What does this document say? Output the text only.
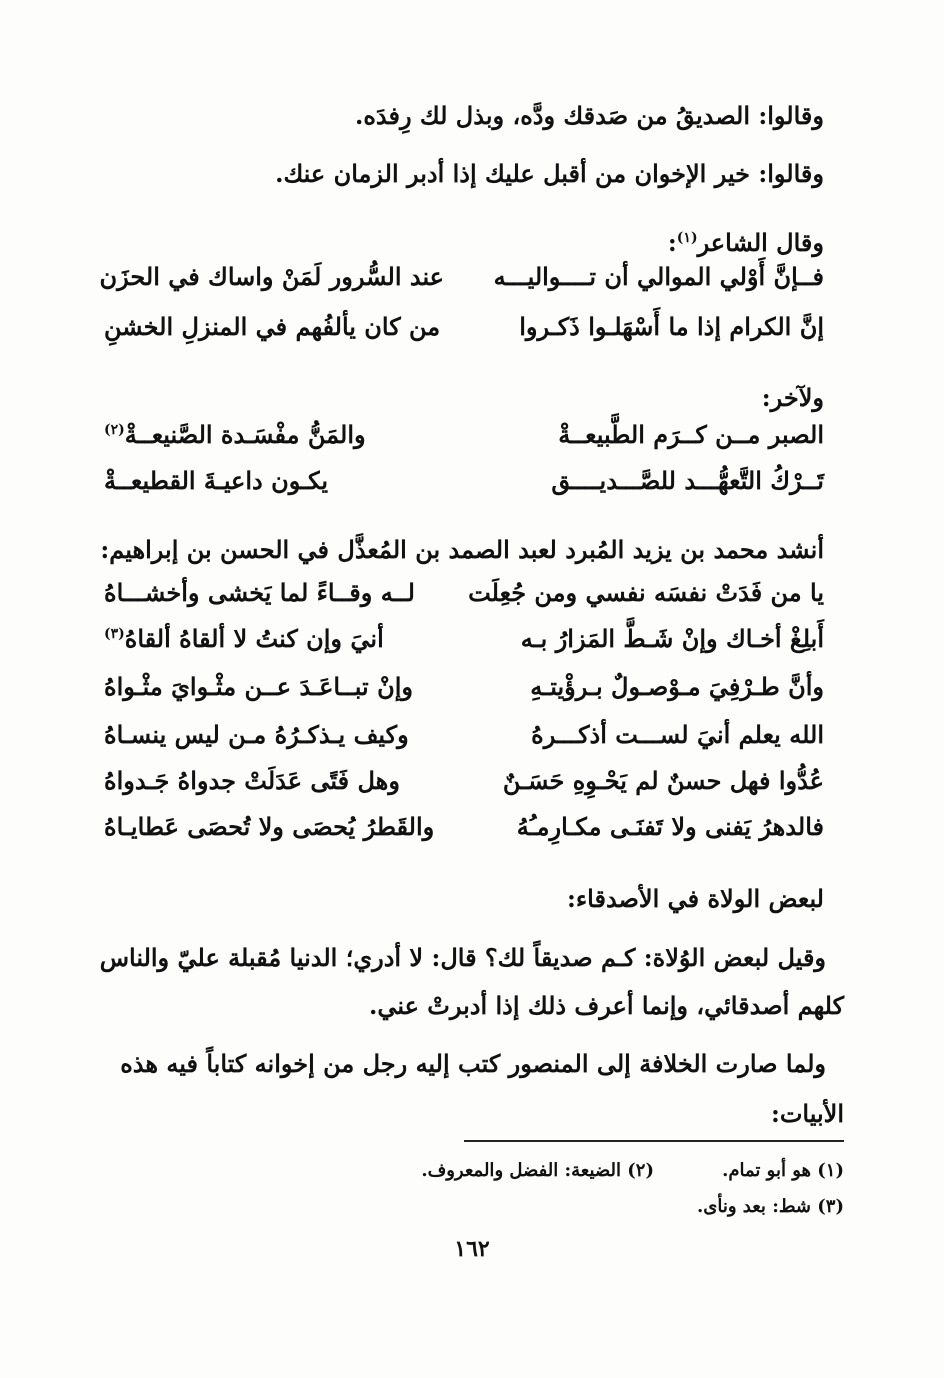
وقالوا: الصديقُ من صَدقك ودَّه، وبذل لك رِفدَه.
وقالوا: خير الإخوان من أقبل عليك إذا أدبر الزمان عنك.
وقال الشاعر$^{(١)}$:
فــإنَّ أَوْلي الموالي أن تــــواليـــه
عند السُّرور لَمَنْ واساك في الحزَن
إنَّ الكرام إذا ما أَسْهَلـوا ذَكـروا
من كان يألفُهم في المنزلِ الخشنِ
ولآخر:
الصبر مــن كــرَم الطَّبيعــةْ
والمَنُّ مفْسَـدة الصَّنيعــةْ$^{(٢)}$
تَــرْكُ التَّعهُّـــد للصَّـــديــــق
يكـون داعيـةَ القطيعــةْ
أنشد محمد بن يزيد المُبرد لعبد الصمد بن المُعذَّل في الحسن بن إبراهيم:
يا من فَدَتْ نفسَه نفسي ومن جُعِلَت
لــه وقــاءً لما يَخشى وأخشـــاهُ
أَبلِغْ أخـاك وإنْ شَـطَّ المَزارُ بـه
أنيَ وإن كنتُ لا ألقاهُ ألقاهُ$^{(٣)}$
وأنَّ طـرْفِيَ مـوْصـولٌ بـرؤْيتـهِ
وإنْ تبــاعَـدَ عــن مثْـوايَ مثْـواهُ
الله يعلم أنيَ لســـت أذكـــرهُ
وكيف يـذكـرُهُ مـن ليس ينسـاهُ
عُدُّوا فهل حسنٌ لم يَحْـوِهِ حَسَـنٌ
وهل فَتًى عَدَلَتْ جدواهُ جَـدواهُ
فالدهرُ يَفنى ولا تَفنَـى مكـارِمـُهُ
والقَطرُ يُحصَى ولا تُحصَى عَطايـاهُ
لبعض الولاة في الأصدقاء:
وقيل لبعض الوُلاة: كـم صديقاً لك؟ قال: لا أدري؛ الدنيا مُقبلة عليّ والناس
كلهم أصدقائي، وإنما أعرف ذلك إذا أدبرتْ عني.
ولما صارت الخلافة إلى المنصور كتب إليه رجل من إخوانه كتاباً فيه هذه
الأبيات:
(١) هو أبو تمام.
(٢) الضيعة: الفضل والمعروف.
(٣) شط: بعد ونأى.
١٦٢
